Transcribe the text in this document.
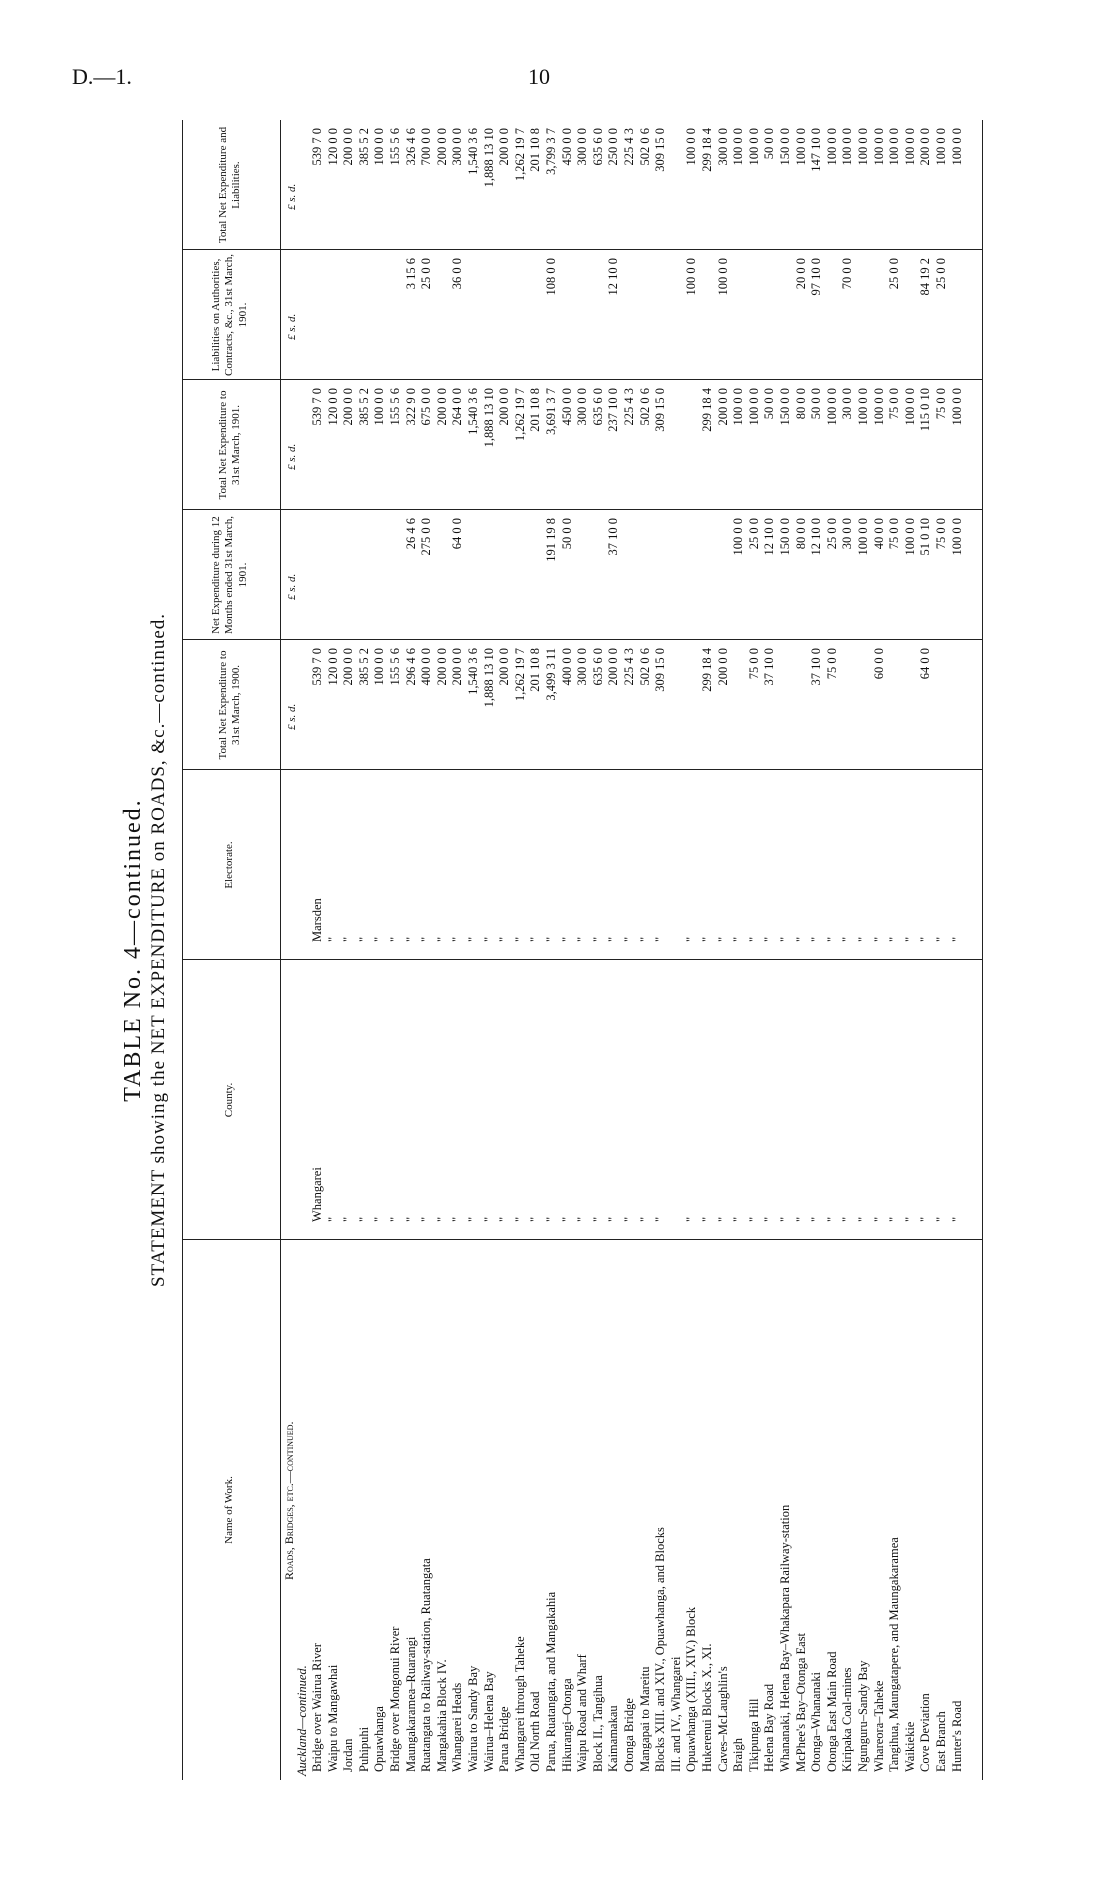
D.—1.	10
TABLE No. 4—continued. STATEMENT showing the NET EXPENDITURE on ROADS, &c.—continued.
Name of Work.
County.
Electorate.
Total Net Expenditure to 31st March, 1900.
Net Expenditure during 12 Months ended 31st March, 1901.
Total Net Expenditure to 31st March, 1901.
Liabilities on Authorities, Contracts, &c., 31st March, 1901.
Total Net Expenditure and Liabilities.
£ s. d.
£ s. d.
£ s. d.
£ s. d.
£ s. d.
Roads, Bridges, etc.—continued.
Auckland—continued. Bridge over Wairua River
Whangarei
Marsden
539 7 0
539 7 0
539 7 0
Waipu to Mangawhai
"
"
120 0 0
120 0 0
120 0 0
Jordan
"
"
200 0 0
200 0 0
200 0 0
Puhipuhi
"
"
385 5 2
385 5 2
385 5 2
Opuawhanga
"
"
100 0 0
100 0 0
100 0 0
Bridge over Mongonui River
"
"
155 5 6
155 5 6
155 5 6
Maungakaramea–Ruarangi
"
"
296 4 6
26 4 6
322 9 0
3 15 6
326 4 6
Ruatangata to Railway-station, Ruatangata
"
"
400 0 0
275 0 0
675 0 0
25 0 0
700 0 0
Mangakahia Block IV.
"
"
200 0 0
200 0 0
200 0 0
Whangarei Heads
"
"
200 0 0
64 0 0
264 0 0
36 0 0
300 0 0
Wairua to Sandy Bay
"
"
1,540 3 6
1,540 3 6
1,540 3 6
Wairua–Helena Bay
"
"
1,888 13 10
1,888 13 10
1,888 13 10
Parua Bridge
"
"
200 0 0
200 0 0
200 0 0
Whangarei through Taheke
"
"
1,262 19 7
1,262 19 7
1,262 19 7
Old North Road
"
"
201 10 8
201 10 8
201 10 8
Parua, Ruatangata, and Mangakahia
"
"
3,499 3 11
191 19 8
3,691 3 7
108 0 0
3,799 3 7
Hikurangi–Otonga
"
"
400 0 0
50 0 0
450 0 0
450 0 0
Waipu Road and Wharf
"
"
300 0 0
300 0 0
300 0 0
Block II., Tangihua
"
"
635 6 0
635 6 0
635 6 0
Kaimamakau
"
"
200 0 0
37 10 0
237 10 0
12 10 0
250 0 0
Otonga Bridge
"
"
225 4 3
225 4 3
225 4 3
Mangapai to Mareitu
"
"
502 0 6
502 0 6
502 0 6
Blocks XIII. and XIV., Opuawhanga, and Blocks
"
"
309 15 0
309 15 0
309 15 0
III. and IV., Whangarei Opuawhanga (XIII., XIV.) Block
"
"
100 0 0
100 0 0
Hukerenui Blocks X., XI.
"
"
299 18 4
299 18 4
299 18 4
Caves–McLaughlin's
"
"
200 0 0
200 0 0
100 0 0
300 0 0
Braigh
"
"
100 0 0
100 0 0
100 0 0
Tikipunga Hill
"
"
75 0 0
25 0 0
100 0 0
100 0 0
Helena Bay Road
"
"
37 10 0
12 10 0
50 0 0
50 0 0
Whananaki, Helena Bay–Whakapara Railway-station
"
"
150 0 0
150 0 0
150 0 0
McPhee's Bay–Otonga East
"
"
80 0 0
80 0 0
20 0 0
100 0 0
Otonga–Whananaki
"
"
37 10 0
12 10 0
50 0 0
97 10 0
147 10 0
Otonga East Main Road
"
"
75 0 0
25 0 0
100 0 0
100 0 0
Kiripaka Coal-mines
"
"
30 0 0
30 0 0
70 0 0
100 0 0
Ngunguru–Sandy Bay
"
"
100 0 0
100 0 0
100 0 0
Whareora–Taheke
"
"
60 0 0
40 0 0
100 0 0
100 0 0
Tangihua, Maungatapere, and Maungakaramea
"
"
75 0 0
75 0 0
25 0 0
100 0 0
Waikiekie
"
"
100 0 0
100 0 0
100 0 0
Cove Deviation
"
"
64 0 0
51 0 10
115 0 10
84 19 2
200 0 0
East Branch
"
"
75 0 0
75 0 0
25 0 0
100 0 0
Hunter's Road
"
"
100 0 0
100 0 0
100 0 0
